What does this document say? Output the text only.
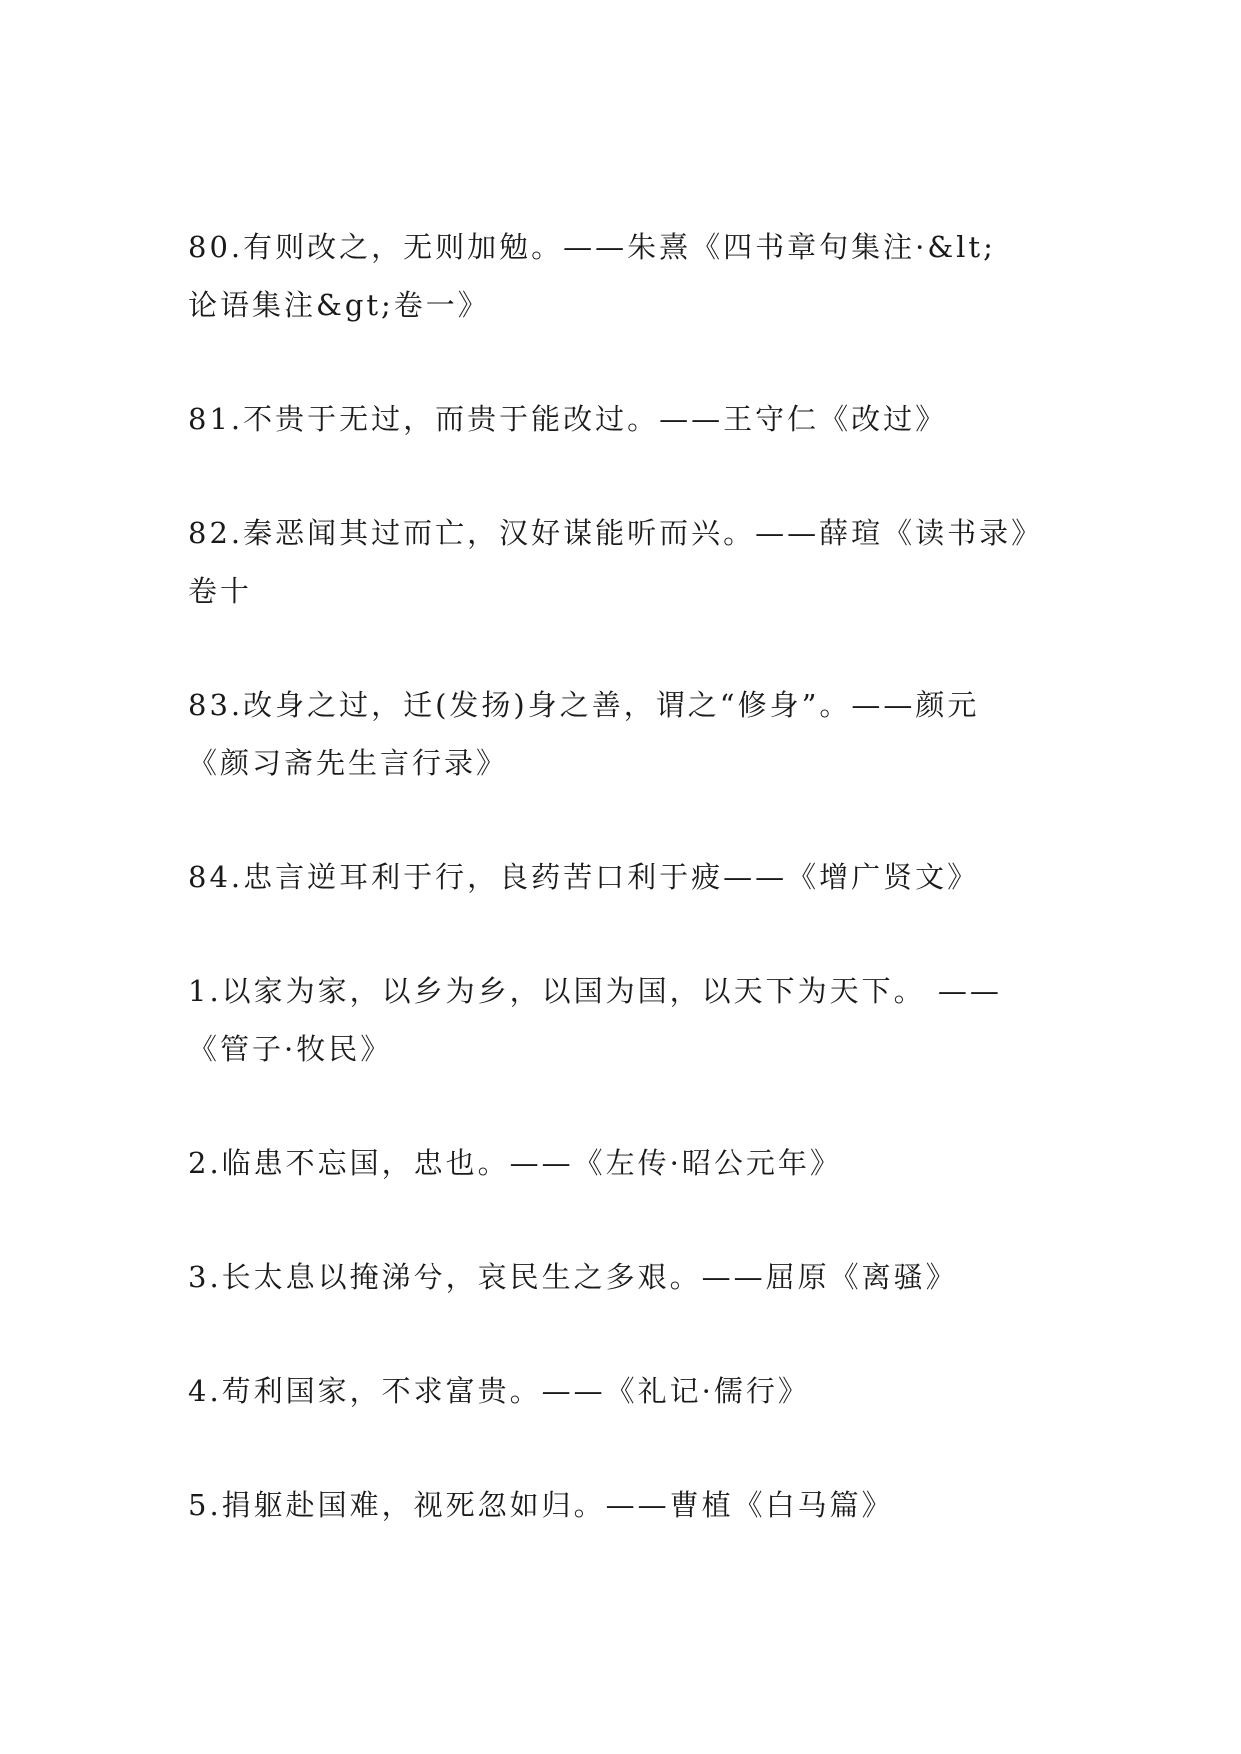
80.有则改之，无则加勉。——朱熹《四书章句集注·&lt;
论语集注&gt;卷一》
81.不贵于无过，而贵于能改过。——王守仁《改过》
82.秦恶闻其过而亡，汉好谋能听而兴。——薛瑄《读书录》
卷十
83.改身之过，迁(发扬)身之善，谓之“修身”。——颜元
《颜习斋先生言行录》
84.忠言逆耳利于行，良药苦口利于疲——《增广贤文》
1.以家为家，以乡为乡，以国为国，以天下为天下。 ——
《管子·牧民》
2.临患不忘国，忠也。——《左传·昭公元年》
3.长太息以掩涕兮，哀民生之多艰。——屈原《离骚》
4.苟利国家，不求富贵。——《礼记·儒行》
5.捐躯赴国难，视死忽如归。——曹植《白马篇》
